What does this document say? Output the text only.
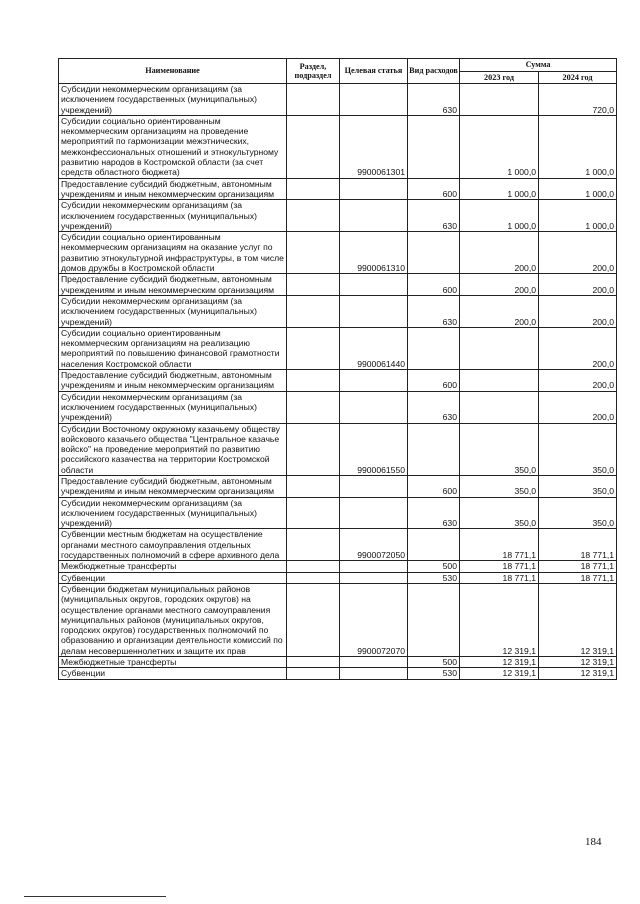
Наименование	Раздел, подраздел	Целевая статья	Вид расходов	Сумма	
				2023 год	2024 год
Субсидии некоммерческим организациям (за исключением государственных (муниципальных) учреждений)			630		720,0
Субсидии социально ориентированным некоммерческим организациям на проведение мероприятий по гармонизации межэтнических, межконфессиональных отношений и этнокультурному развитию народов в Костромской области (за счет средств областного бюджета)		9900061301		1 000,0	1 000,0
Предоставление субсидий бюджетным, автономным учреждениям и иным некоммерческим организациям			600	1 000,0	1 000,0
Субсидии некоммерческим организациям (за исключением государственных (муниципальных) учреждений)			630	1 000,0	1 000,0
Субсидии социально ориентированным некоммерческим организациям на оказание услуг по развитию этнокультурной инфраструктуры, в том числе домов дружбы в Костромской области		9900061310		200,0	200,0
Предоставление субсидий бюджетным, автономным учреждениям и иным некоммерческим организациям			600	200,0	200,0
Субсидии некоммерческим организациям (за исключением государственных (муниципальных) учреждений)			630	200,0	200,0
Субсидии социально ориентированным некоммерческим организациям на реализацию мероприятий по повышению финансовой грамотности населения Костромской области		9900061440			200,0
Предоставление субсидий бюджетным, автономным учреждениям и иным некоммерческим организациям			600		200,0
Субсидии некоммерческим организациям (за исключением государственных (муниципальных) учреждений)			630		200,0
Субсидии Восточному окружному казачьему обществу войскового казачьего общества "Центральное казачье войско" на проведение мероприятий по развитию российского казачества на территории Костромской области		9900061550		350,0	350,0
Предоставление субсидий бюджетным, автономным учреждениям и иным некоммерческим организациям			600	350,0	350,0
Субсидии некоммерческим организациям (за исключением государственных (муниципальных) учреждений)			630	350,0	350,0
Субвенции местным бюджетам на осуществление органами местного самоуправления отдельных государственных полномочий в сфере архивного дела		9900072050		18 771,1	18 771,1
Межбюджетные трансферты			500	18 771,1	18 771,1
Субвенции			530	18 771,1	18 771,1
Субвенции бюджетам муниципальных районов (муниципальных округов, городских округов) на осуществление органами местного самоуправления муниципальных районов (муниципальных округов, городских округов) государственных полномочий по образованию и организации деятельности комиссий по делам несовершеннолетних и защите их прав		9900072070		12 319,1	12 319,1
Межбюджетные трансферты			500	12 319,1	12 319,1
Субвенции			530	12 319,1	12 319,1
184
